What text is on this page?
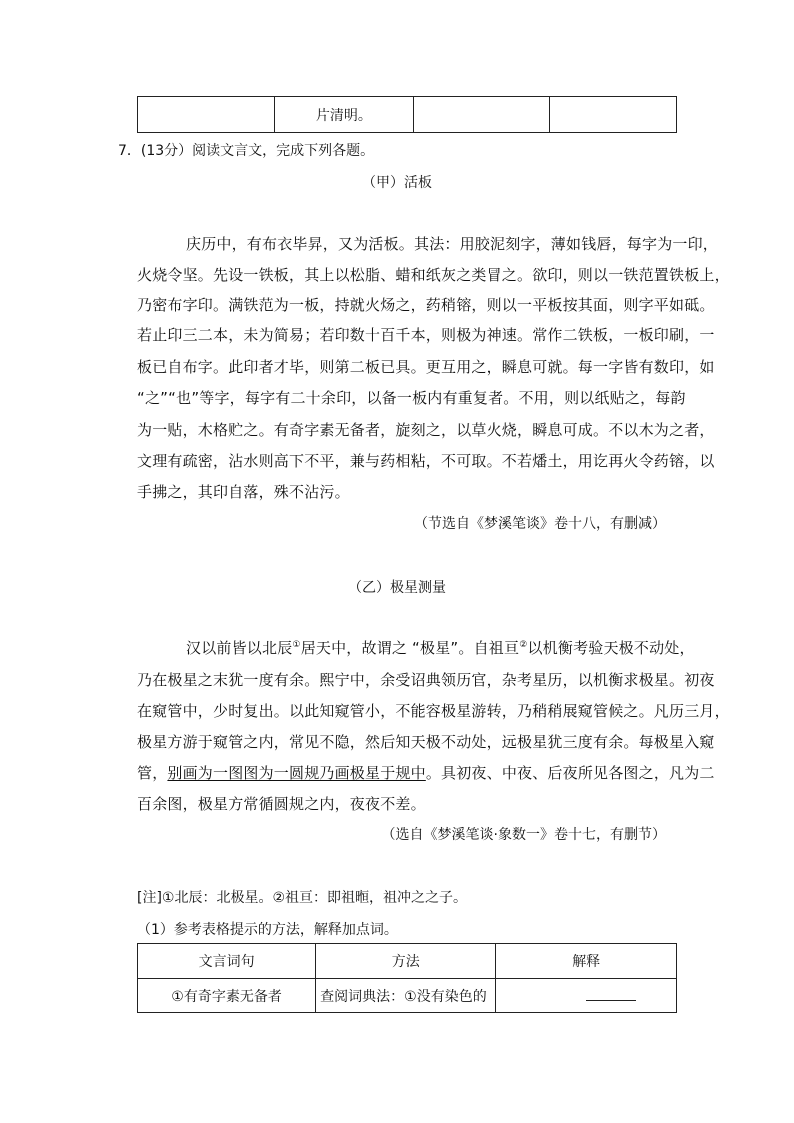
	片清明。		
7．(13分）阅读文言文，完成下列各题。
（甲）活板
庆历中，有布衣毕昇，又为活板。其法：用胶泥刻字，薄如钱唇，每字为一印，
火烧令坚。先设一铁板，其上以松脂、蜡和纸灰之类冒之。欲印，则以一铁范置铁板上，
乃密布字印。满铁范为一板，持就火炀之，药稍镕，则以一平板按其面，则字平如砥。
若止印三二本，未为简易；若印数十百千本，则极为神速。常作二铁板，一板印刷，一
板已自布字。此印者才毕，则第二板已具。更互用之，瞬息可就。每一字皆有数印，如
“之”“也”等字，每字有二十余印，以备一板内有重复者。不用，则以纸贴之，每韵
为一贴，木格贮之。有奇字素无备者，旋刻之，以草火烧，瞬息可成。不以木为之者，
文理有疏密，沾水则高下不平，兼与药相粘，不可取。不若燔土，用讫再火令药镕，以
手拂之，其印自落，殊不沾污。
（节选自《梦溪笔谈》卷十八，有删减）
（乙）极星测量
汉以前皆以北辰①居天中，故谓之 “极星”。自祖亘②以机衡考验天极不动处，
乃在极星之末犹一度有余。熙宁中，余受诏典领历官，杂考星历，以机衡求极星。初夜
在窥管中，少时复出。以此知窥管小，不能容极星游转，乃稍稍展窥管候之。凡历三月，
极星方游于窥管之内，常见不隐，然后知天极不动处，远极星犹三度有余。每极星入窥
管，别画为一图图为一圆规乃画极星于规中。具初夜、中夜、后夜所见各图之，凡为二
百余图，极星方常循圆规之内，夜夜不差。
（选自《梦溪笔谈·象数一》卷十七，有删节）
[注]①北辰：北极星。②祖亘：即祖暅，祖冲之之子。
（1）参考表格提示的方法，解释加点词。
文言词句	方法	解释
①有奇字素无备者	查阅词典法：①没有染色的	
